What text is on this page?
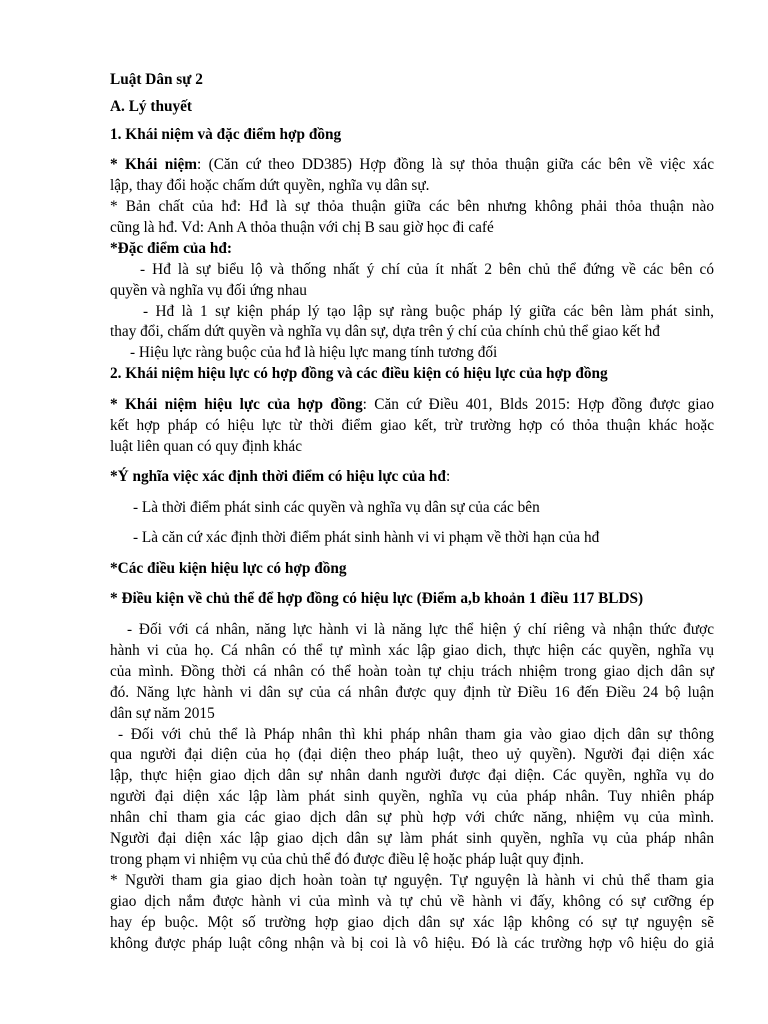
Luật Dân sự 2
A. Lý thuyết
1. Khái niệm và đặc điểm hợp đồng
* Khái niệm: (Căn cứ theo DD385) Hợp đồng là sự thỏa thuận giữa các bên về việc xác
lập, thay đổi hoặc chấm dứt quyền, nghĩa vụ dân sự.
* Bản chất của hđ: Hđ là sự thỏa thuận giữa các bên nhưng không phải thỏa thuận nào
cũng là hđ. Vd: Anh A thỏa thuận với chị B sau giờ học đi café
*Đặc điểm của hđ:
- Hđ là sự biểu lộ và thống nhất ý chí của ít nhất 2 bên chủ thể đứng về các bên có
quyền và nghĩa vụ đối ứng nhau
- Hđ là 1 sự kiện pháp lý tạo lập sự ràng buộc pháp lý giữa các bên làm phát sinh,
thay đổi, chấm dứt quyền và nghĩa vụ dân sự, dựa trên ý chí của chính chủ thể giao kết hđ
- Hiệu lực ràng buộc của hđ là hiệu lực mang tính tương đối
2. Khái niệm hiệu lực có hợp đồng và các điều kiện có hiệu lực của hợp đồng
* Khái niệm hiệu lực của hợp đồng: Căn cứ Điều 401, Blds 2015: Hợp đồng được giao
kết hợp pháp có hiệu lực từ thời điểm giao kết, trừ trường hợp có thỏa thuận khác hoặc
luật liên quan có quy định khác
*Ý nghĩa việc xác định thời điểm có hiệu lực của hđ:
- Là thời điểm phát sinh các quyền và nghĩa vụ dân sự của các bên
- Là căn cứ xác định thời điểm phát sinh hành vi vi phạm về thời hạn của hđ
*Các điều kiện hiệu lực có hợp đồng
* Điều kiện về chủ thể để hợp đồng có hiệu lực (Điểm a,b khoản 1 điều 117 BLDS)
- Đối với cá nhân, năng lực hành vi là năng lực thể hiện ý chí riêng và nhận thức được
hành vi của họ. Cá nhân có thể tự mình xác lập giao dich, thực hiện các quyền, nghĩa vụ
của mình. Đồng thời cá nhân có thể hoàn toàn tự chịu trách nhiệm trong giao dịch dân sự
đó. Năng lực hành vi dân sự của cá nhân được quy định từ Điều 16 đến Điều 24 bộ luận
dân sự năm 2015
- Đối với chủ thể là Pháp nhân thì khi pháp nhân tham gia vào giao dịch dân sự thông
qua người đại diện của họ (đại diện theo pháp luật, theo uỷ quyền). Người đại diện xác
lập, thực hiện giao dịch dân sự nhân danh người được đại diện. Các quyền, nghĩa vụ do
người đại diện xác lập làm phát sinh quyền, nghĩa vụ của pháp nhân. Tuy nhiên pháp
nhân chỉ tham gia các giao dịch dân sự phù hợp với chức năng, nhiệm vụ của mình.
Người đại diện xác lập giao dịch dân sự làm phát sinh quyền, nghĩa vụ của pháp nhân
trong phạm vi nhiệm vụ của chủ thể đó được điều lệ hoặc pháp luật quy định.
* Người tham gia giao dịch hoàn toàn tự nguyện. Tự nguyện là hành vi chủ thể tham gia
giao dịch nắm được hành vi của mình và tự chủ về hành vi đấy, không có sự cưỡng ép
hay ép buộc. Một số trường hợp giao dịch dân sự xác lập không có sự tự nguyện sẽ
không được pháp luật công nhận và bị coi là vô hiệu. Đó là các trường hợp vô hiệu do giả
